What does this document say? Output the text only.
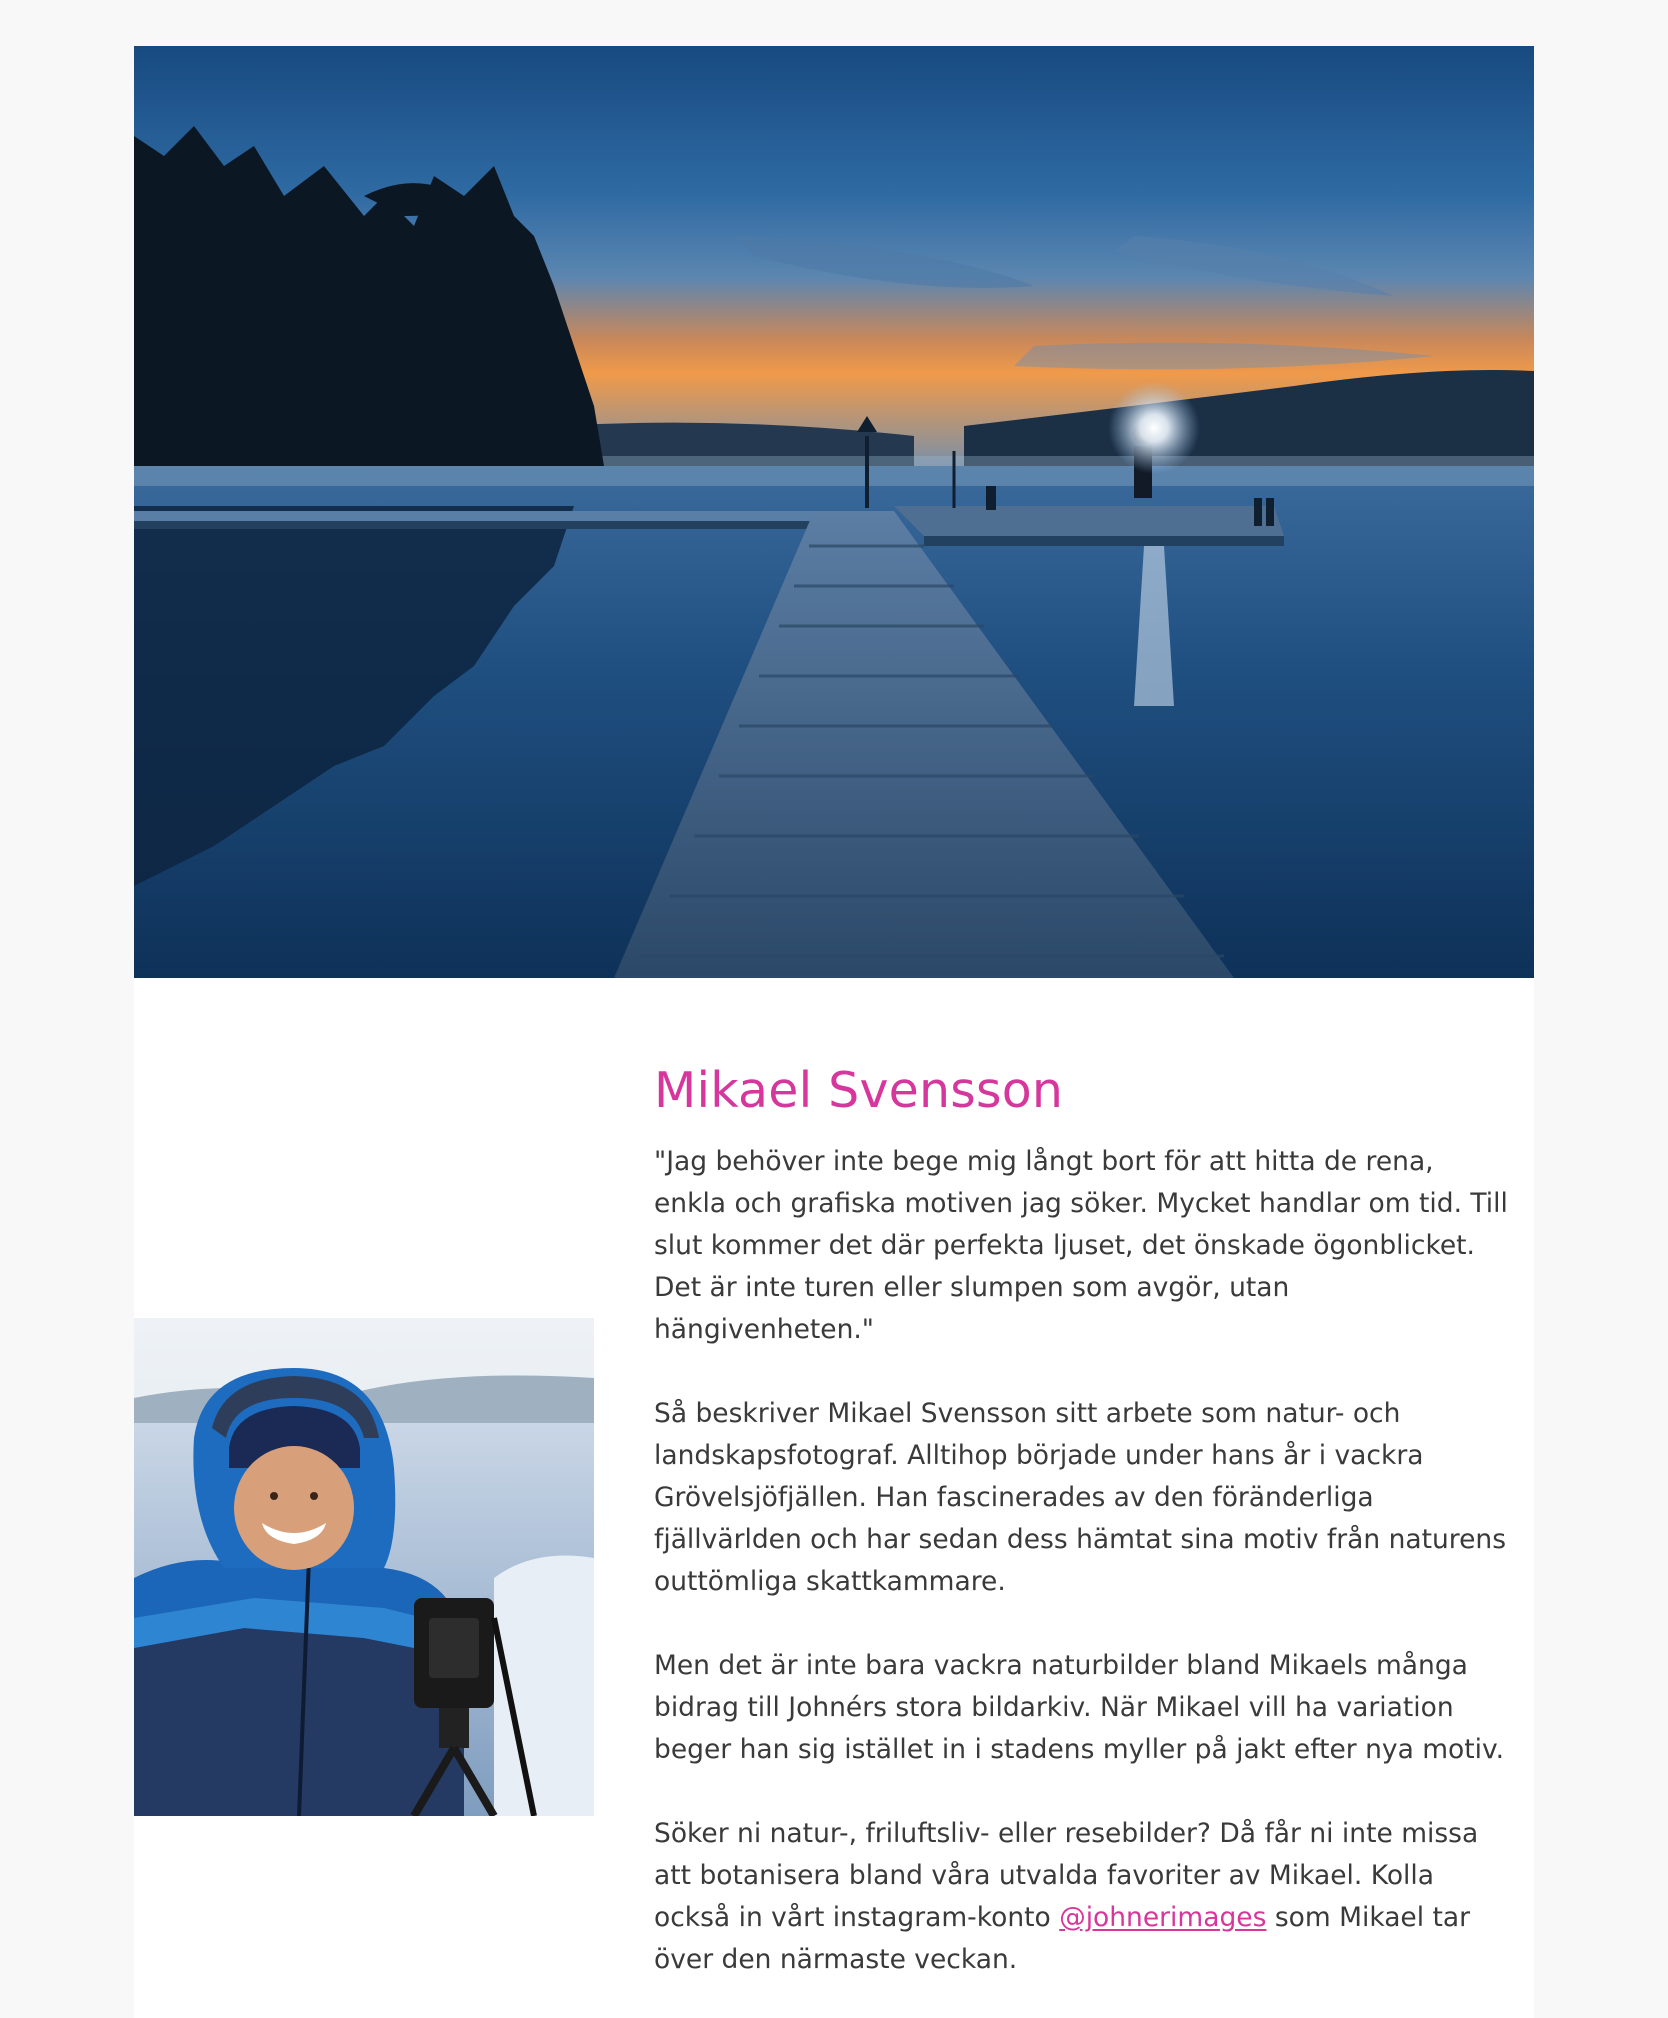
Mikael Svensson

"Jag behöver inte bege mig långt bort för att hitta de rena, enkla och grafiska motiven jag söker. Mycket handlar om tid. Till slut kommer det där perfekta ljuset, det önskade ögonblicket. Det är inte turen eller slumpen som avgör, utan hängivenheten."

Så beskriver Mikael Svensson sitt arbete som natur- och landskapsfotograf. Alltihop började under hans år i vackra Grövelsjöfjällen. Han fascinerades av den föränderliga fjällvärlden och har sedan dess hämtat sina motiv från naturens outtömliga skattkammare.

Men det är inte bara vackra naturbilder bland Mikaels många bidrag till Johnérs stora bildarkiv. När Mikael vill ha variation beger han sig istället in i stadens myller på jakt efter nya motiv.

Söker ni natur-, friluftsliv- eller resebilder? Då får ni inte missa att botanisera bland våra utvalda favoriter av Mikael. Kolla också in vårt instagram-konto @johnerimages som Mikael tar över den närmaste veckan.
